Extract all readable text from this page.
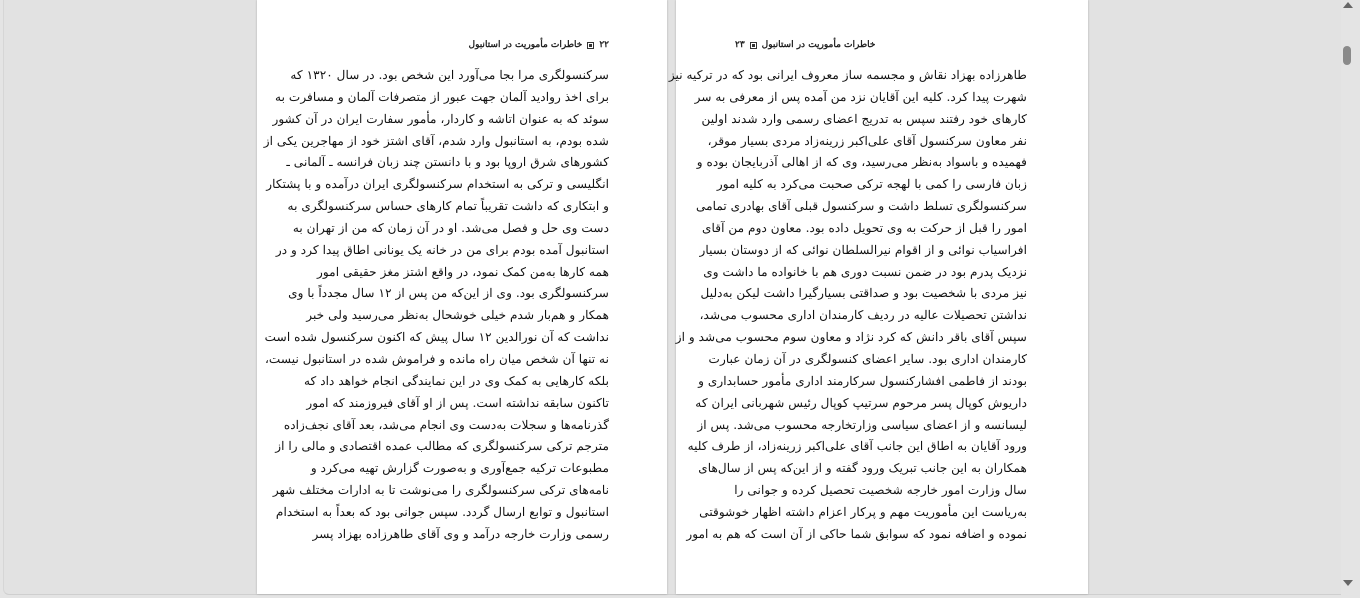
۲۲
خاطرات مأموریت در استانبول
سرکنسولگری مرا بجا می‌آورد این شخص بود. در سال ۱۳۲۰ که
برای اخذ روادید آلمان جهت عبور از متصرفات آلمان و مسافرت به
سوئد که به عنوان اتاشه و کاردار، مأمور سفارت ایران در آن کشور
شده بودم، به استانبول وارد شدم، آقای اشتز خود از مهاجرین یکی از
کشورهای شرق اروپا بود و با دانستن چند زبان فرانسه ـ آلمانی ـ
انگلیسی و ترکی به استخدام سرکنسولگری ایران درآمده و با پشتکار
و ابتکاری که داشت تقریباً تمام کارهای حساس سرکنسولگری به
دست وی حل و فصل می‌شد. او در آن زمان که من از تهران به
استانبول آمده بودم برای من در خانه یک یونانی اطاق پیدا کرد و در
همه کارها به‌من کمک نمود، در واقع اشتز مغز حقیقی امور
سرکنسولگری بود. وی از این‌که من پس از ۱۲ سال مجدداً با وی
همکار و هم‌بار شدم خیلی خوشحال به‌نظر می‌رسید ولی خبر
نداشت که آن نورالدین ۱۲ سال پیش که اکنون سرکنسول شده است
نه تنها آن شخص میان راه مانده و فراموش شده در استانبول نیست،
بلکه کارهایی به کمک وی در این نمایندگی انجام خواهد داد که
تاکنون سابقه نداشته است. پس از او آقای فیروزمند که امور
گذرنامه‌ها و سجلات به‌دست وی انجام می‌شد، بعد آقای نجف‌زاده
مترجم ترکی سرکنسولگری که مطالب عمده اقتصادی و مالی را از
مطبوعات ترکیه جمع‌آوری و به‌صورت گزارش تهیه می‌کرد و
نامه‌های ترکی سرکنسولگری را می‌نوشت تا به ادارات مختلف شهر
استانبول و توابع ارسال گردد. سپس جوانی بود که بعداً به استخدام
رسمی وزارت خارجه درآمد و وی آقای طاهرزاده بهزاد پسر
۲۳ خاطرات مأموریت در استانبول
طاهرزاده بهزاد نقاش و مجسمه ساز معروف ایرانی بود که در ترکیه نیز
شهرت پیدا کرد. کلیه این آقایان نزد من آمده پس از معرفی به سر
کارهای خود رفتند سپس به تدریج اعضای رسمی وارد شدند اولین
نفر معاون سرکنسول آقای علی‌اکبر زرینه‌زاد مردی بسیار موقر،
فهمیده و باسواد به‌نظر می‌رسید، وی که از اهالی آذربایجان بوده و
زبان فارسی را کمی با لهجه ترکی صحبت می‌کرد به کلیه امور
سرکنسولگری تسلط داشت و سرکنسول قبلی آقای بهادری تمامی
امور را قبل از حرکت به وی تحویل داده بود. معاون دوم من آقای
افراسیاب نوائی و از اقوام نیرالسلطان نوائی که از دوستان بسیار
نزدیک پدرم بود در ضمن نسبت دوری هم با خانواده ما داشت وی
نیز مردی با شخصیت بود و صداقتی بسیارگیرا داشت لیکن به‌دلیل
نداشتن تحصیلات عالیه در ردیف کارمندان اداری محسوب می‌شد،
سپس آقای باقر دانش که کرد نژاد و معاون سوم محسوب می‌شد و از
کارمندان اداری بود. سایر اعضای کنسولگری در آن زمان عبارت
بودند از فاطمی افشارکنسول سرکارمند اداری مأمور حسابداری و
داریوش کوپال پسر مرحوم سرتیپ کوپال رئیس شهربانی ایران که
لیسانسه و از اعضای سیاسی وزارتخارجه محسوب می‌شد. پس از
ورود آقایان به اطاق این جانب آقای علی‌اکبر زرینه‌زاد، از طرف کلیه
همکاران به این جانب تبریک ورود گفته و از این‌که پس از سال‌های
سال وزارت امور خارجه شخصیت تحصیل کرده و جوانی را
به‌ریاست این مأموریت مهم و پرکار اعزام داشته اظهار خوشوقتی
نموده و اضافه نمود که سوابق شما حاکی از آن است که هم به امور
